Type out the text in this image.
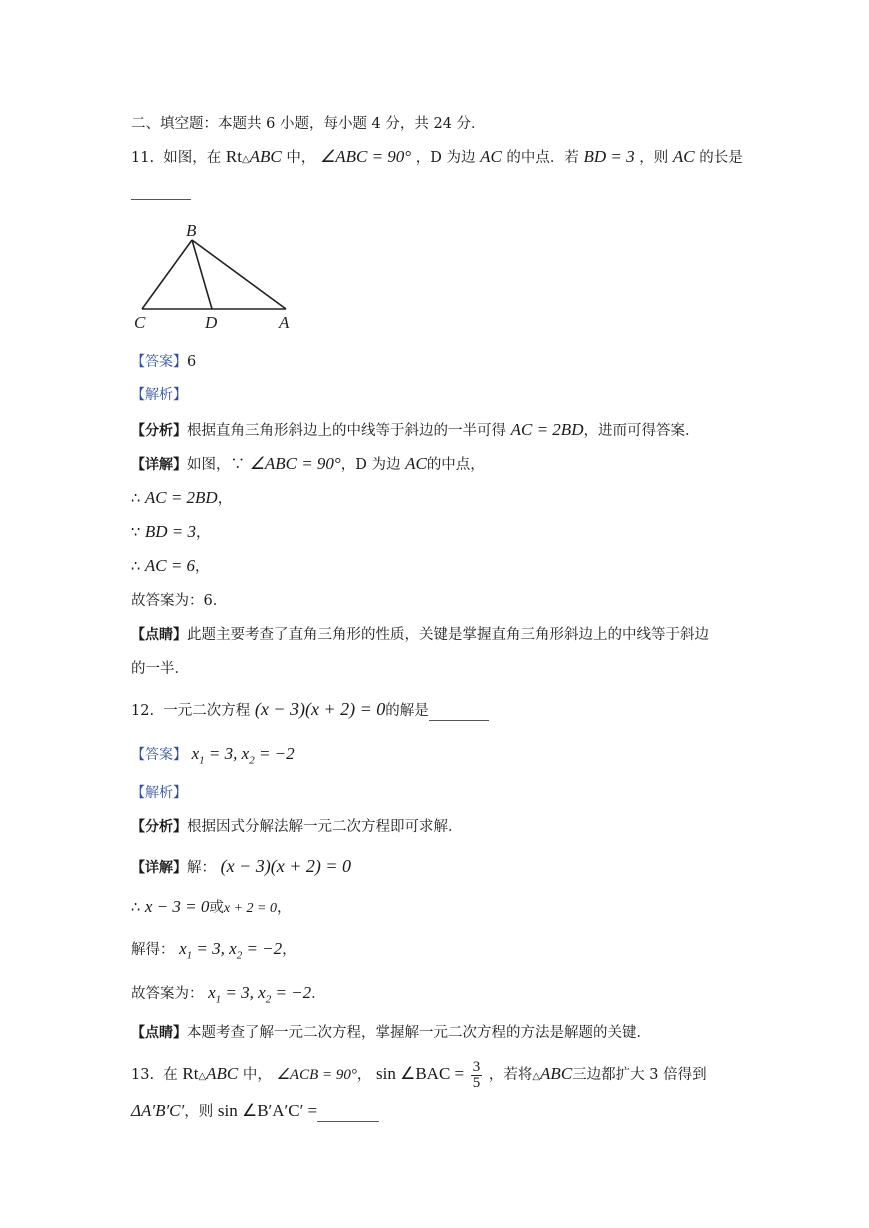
二、填空题：本题共 6 小题，每小题 4 分，共 24 分．
11. 如图，在 Rt△ABC 中， ∠ABC = 90° ，D 为边 AC 的中点．若 BD = 3 ，则 AC 的长是
B
C	D	A
【答案】6
【解析】
【分析】根据直角三角形斜边上的中线等于斜边的一半可得 AC = 2BD，进而可得答案．
【详解】如图，∵ ∠ABC = 90°，D 为边 AC的中点，
∴ AC = 2BD，
∵ BD = 3，
∴ AC = 6，
故答案为：6．
【点睛】此题主要考查了直角三角形的性质，关键是掌握直角三角形斜边上的中线等于斜边
的一半．
12. 一元二次方程 (x − 3)(x + 2) = 0的解是
【答案】 $x_1 = 3$, $x_2 = -2$
【解析】
【分析】根据因式分解法解一元二次方程即可求解．
【详解】解： (x − 3)(x + 2) = 0
∴ x − 3 = 0或x + 2 = 0，
解得： $x_1 = 3$, $x_2 = -2$，
故答案为： $x_1 = 3$, $x_2 = -2$．
【点睛】本题考查了解一元二次方程，掌握解一元二次方程的方法是解题的关键．
13. 在 Rt△ABC 中， ∠ACB = 90°， sin ∠BAC = $\frac{3}{5}$ ，若将△ABC三边都扩大 3 倍得到
ΔA′B′C′，则 sin ∠B′A′C′ =
